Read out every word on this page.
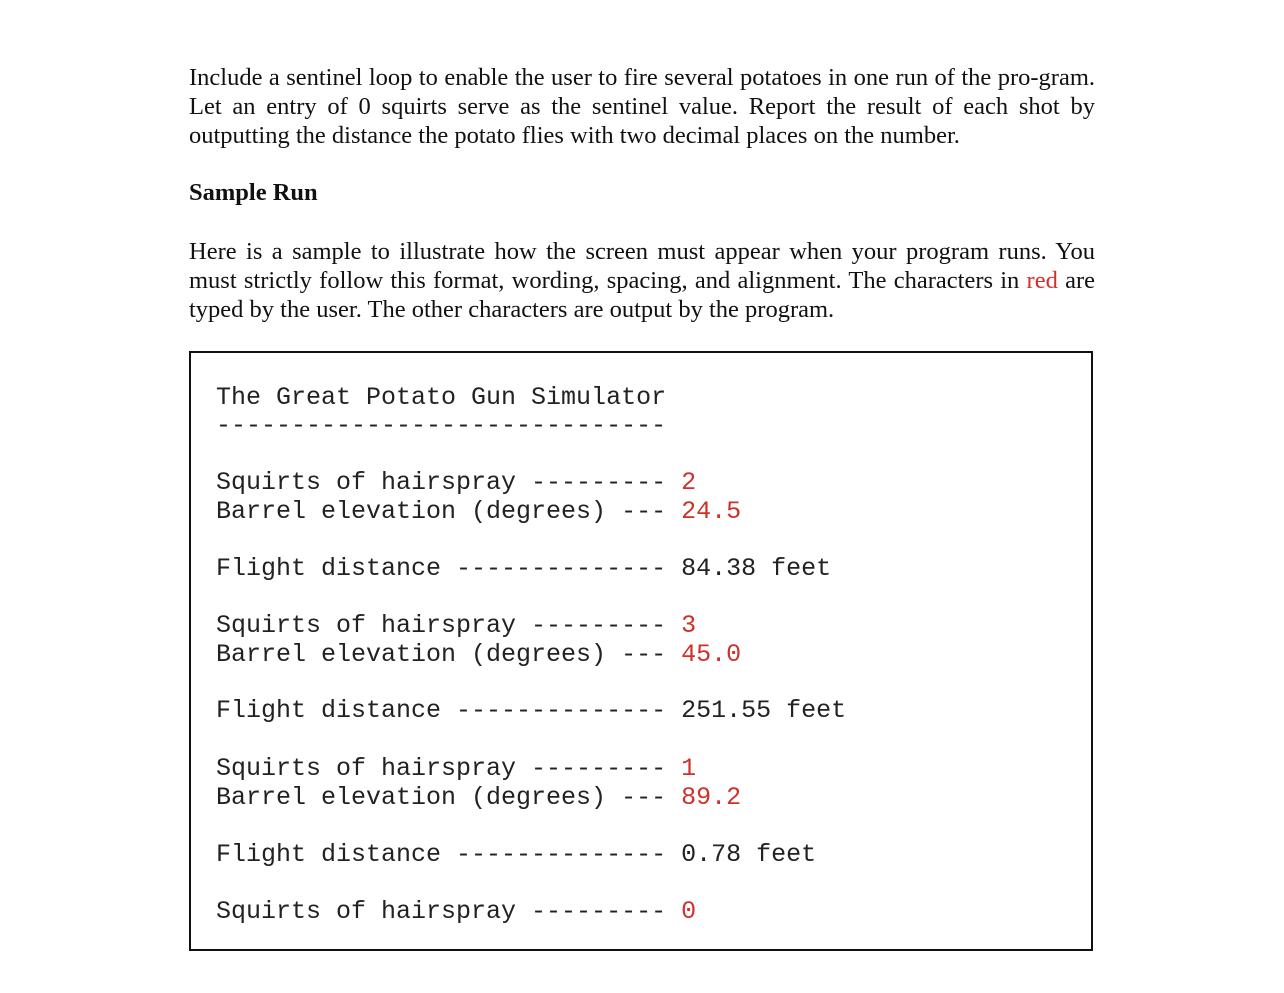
Include a sentinel loop to enable the user to fire several potatoes in one run of the pro-gram. Let an entry of 0 squirts serve as the sentinel value. Report the result of each shot by outputting the distance the potato flies with two decimal places on the number.

Sample Run

Here is a sample to illustrate how the screen must appear when your program runs. You must strictly follow this format, wording, spacing, and alignment. The characters in red are typed by the user. The other characters are output by the program.

The Great Potato Gun Simulator
------------------------------
Squirts of hairspray --------- 2
Barrel elevation (degrees) --- 24.5
Flight distance -------------- 84.38 feet
Squirts of hairspray --------- 3
Barrel elevation (degrees) --- 45.0
Flight distance -------------- 251.55 feet
Squirts of hairspray --------- 1
Barrel elevation (degrees) --- 89.2
Flight distance -------------- 0.78 feet
Squirts of hairspray --------- 0
